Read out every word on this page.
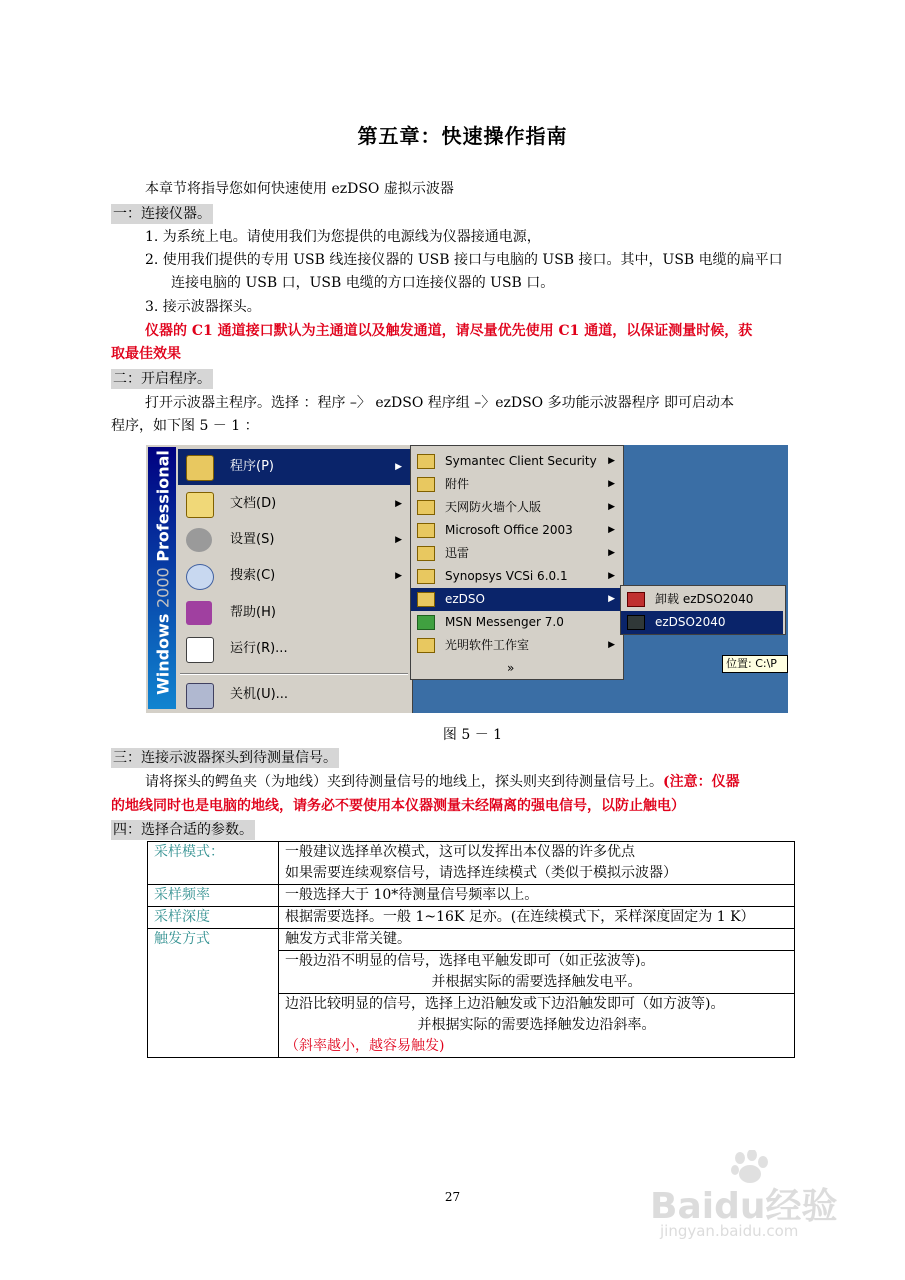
第五章：快速操作指南
本章节将指导您如何快速使用 ezDSO 虚拟示波器
一：连接仪器。
1. 为系统上电。请使用我们为您提供的电源线为仪器接通电源，
2. 使用我们提供的专用 USB 线连接仪器的 USB 接口与电脑的 USB 接口。其中，USB 电缆的扁平口
连接电脑的 USB 口，USB 电缆的方口连接仪器的 USB 口。
3. 接示波器探头。
仪器的 C1 通道接口默认为主通道以及触发通道，请尽量优先使用 C1 通道，以保证测量时候，获
取最佳效果
二：开启程序。
打开示波器主程序。选择 ：程序 –〉 ezDSO 程序组 –〉ezDSO 多功能示波器程序 即可启动本
程序，如下图 5 － 1 ：
Windows 2000 Professional	程序(P)	▶
文档(D)	▶
设置(S)	▶
搜索(C)	▶
帮助(H)
运行(R)...
关机(U)...
Symantec Client Security ▶
附件	▶
天网防火墙个人版	▶
Microsoft Office 2003	▶
迅雷	▶
Synopsys VCSi 6.0.1	▶
ezDSO	▶
MSN Messenger 7.0
光明软件工作室	▶
»
卸载 ezDSO2040
ezDSO2040
位置: C:\P
图 5 － 1
三：连接示波器探头到待测量信号。
请将探头的鳄鱼夹（为地线）夹到待测量信号的地线上，探头则夹到待测量信号上。(注意：仪器
的地线同时也是电脑的地线，请务必不要使用本仪器测量未经隔离的强电信号，以防止触电）
四：选择合适的参数。
采样模式：	一般建议选择单次模式，这可以发挥出本仪器的许多优点
如果需要连续观察信号，请选择连续模式（类似于模拟示波器）

采样频率	一般选择大于 10*待测量信号频率以上。
采样深度	根据需要选择。一般 1~16K 足亦。(在连续模式下，采样深度固定为 1 K）
触发方式	触发方式非常关键。

	一般边沿不明显的信号，选择电平触发即可（如正弦波等)。
并根据实际的需要选择触发电平。

	边沿比较明显的信号，选择上边沿触发或下边沿触发即可（如方波等)。
并根据实际的需要选择触发边沿斜率。
（斜率越小，越容易触发)
27	Baidu经验
jingyan.baidu.com
